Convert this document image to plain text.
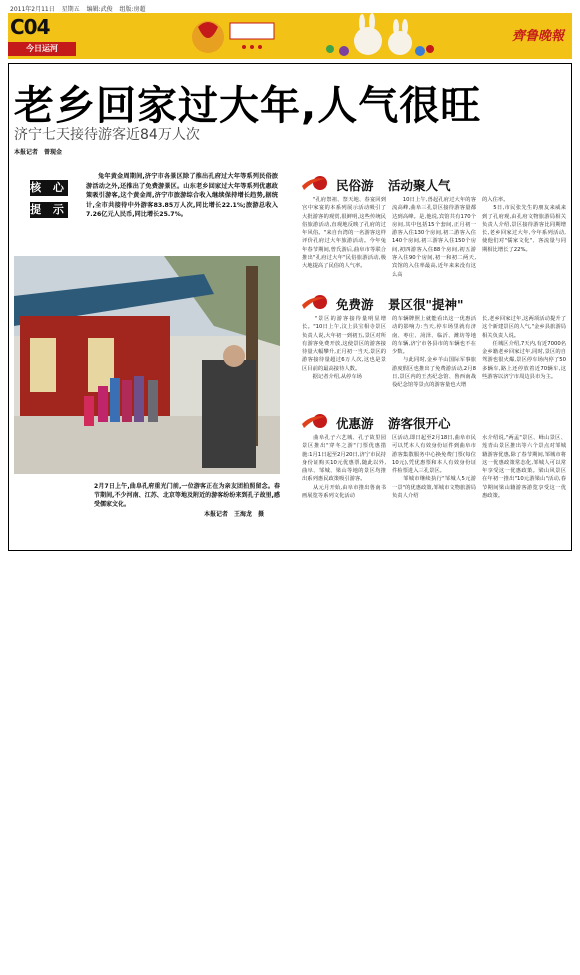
2011年2月11日 星期五 编辑:武俊 组版:房超
C04
今日运河
齊鲁晚報
老乡回家过大年,人气很旺
济宁七天接待游客近84万人次
本报记者　曾现金
核 心
提 示
兔年黄金周期间,济宁市各景区除了推出孔府过大年等系列民俗旅游活动之外,还推出了免费游景区。山东老乡回家过大年等系列优惠政策吸引游客,这个黄金周,济宁市旅游综合收入继续保持增长趋势,据统计,全市共接待中外游客83.85万人次,同比增长22.1%;旅游总收入7.26亿元人民币,同比增长25.7%。
2月7日上午,曲阜孔府重光门前,一位游客正在为亲友团拍照留念。春节期间,不少河南、江苏、北京等地及附近的游客纷纷来到孔子故里,感受儒家文化。
本报记者　王海龙　摄
民俗游 活动聚人气
　　"孔府祭祖、祭天地、春宴回到宫中家宴的本系列展示活动吸引了大批游客的观赏,很鲜明,这些传统民俗旅游活动,直观地反映了孔府的过年风俗。"来自台湾的一名游客这样评价孔府过大年旅游活动。今年兔年春节期间,曾氏游后,曲阜市等联合推出"孔府过大年"民俗旅游活动,极大地提高了民俗的人气率。
　　10日上午,兽起孔府过大年的客流高峰,曲阜三孔景区接待游客量都达到高峰。是,他说,宾馆共有170个房间,其中包括15个套间,正月初一游客入住130个房间,初二游客入住140个房间,初三游客入住150个房间,初四游客入住88个房间,初五游客入住90个房间,初一和初二两天,宾馆的入住率最高,近年来来没有这么高
的入住率。
　　5日,市民张先生的朋友来威来到了孔府观,由孔府文物旅游局相关负责人介绍,景区接待游客比同期增长,老乡回家过大年,今年系列活动,使他们对"儒家文化"、客流量与同期相比增长了22%。
免费游 景区很"提神"
　　"景区的游客接待量明显增长。"10日上午,汶上县宝相寺景区负责人说,大年初一到初五,景区对所有游客免费开放,这使景区的游客接待量大幅攀升,正月初一当天,景区的游客接待量超过6万人次,这也是景区目前的最高接待人数。
　　据记者介绍,从停车场
的车辆牌照上就能看出这一优惠活动的影响力:当天,停车场里就有济南、枣庄、菏泽、临沂、潍坊等地的车辆,济宁市各县市的车辆也不在少数。
　　与此同时,金乡羊山国际军事旅游度假区也推出了免费游活动,2月8日,景区内的王杰纪念馆、鲁西南战役纪念馆等景点的游客量也大增
长,老乡回家过年,这两项活动提升了这个新建景区的人气,"金乡县旅游局相关负责人说。
　　任城区介绍,7天内,有近7000名金乡籍老乡回家过年,同时,景区的自驾游也很火爆,景区停车场内停了50多辆车,路上还停放着近70辆车,这些游客以济宁市周边县市为主。
优惠游 游客很开心
　　曲阜孔子六艺城、孔子故里园景区推出"穿冬之游"门票优惠措施:1月1日起至2月20日,济宁市民持身份证购买10元优惠票,随此以外,曲阜、邹城、梁山等地的景区均推出系列惠民政策吸引游客。
　　从元月开始,由阜市推出鲁南书画展览等系列文化活动
区活动,即日起至2月18日,曲阜市民可以凭本人有效身份证件到曲阜市游客集散服务中心换免费门票(每位10元),凭优惠票和本人有效身份证件检票进入三孔景区。
　　邹城市继续执行"邹城人5元游一景"的优惠政策,邹城市文物旅游局负责人介绍
水介绍说,"两孟"景区、峄山景区、莲青山景区推出等六个景点对邹城籍游客优惠,除了春节期间,邹城市将这一优惠政策常态化,邹城人可以常年享受这一优惠政策。梁山风景区在年初一推出"10元游梁山"活动,春节期间梁山籍游客游览享受这一优惠政策。
